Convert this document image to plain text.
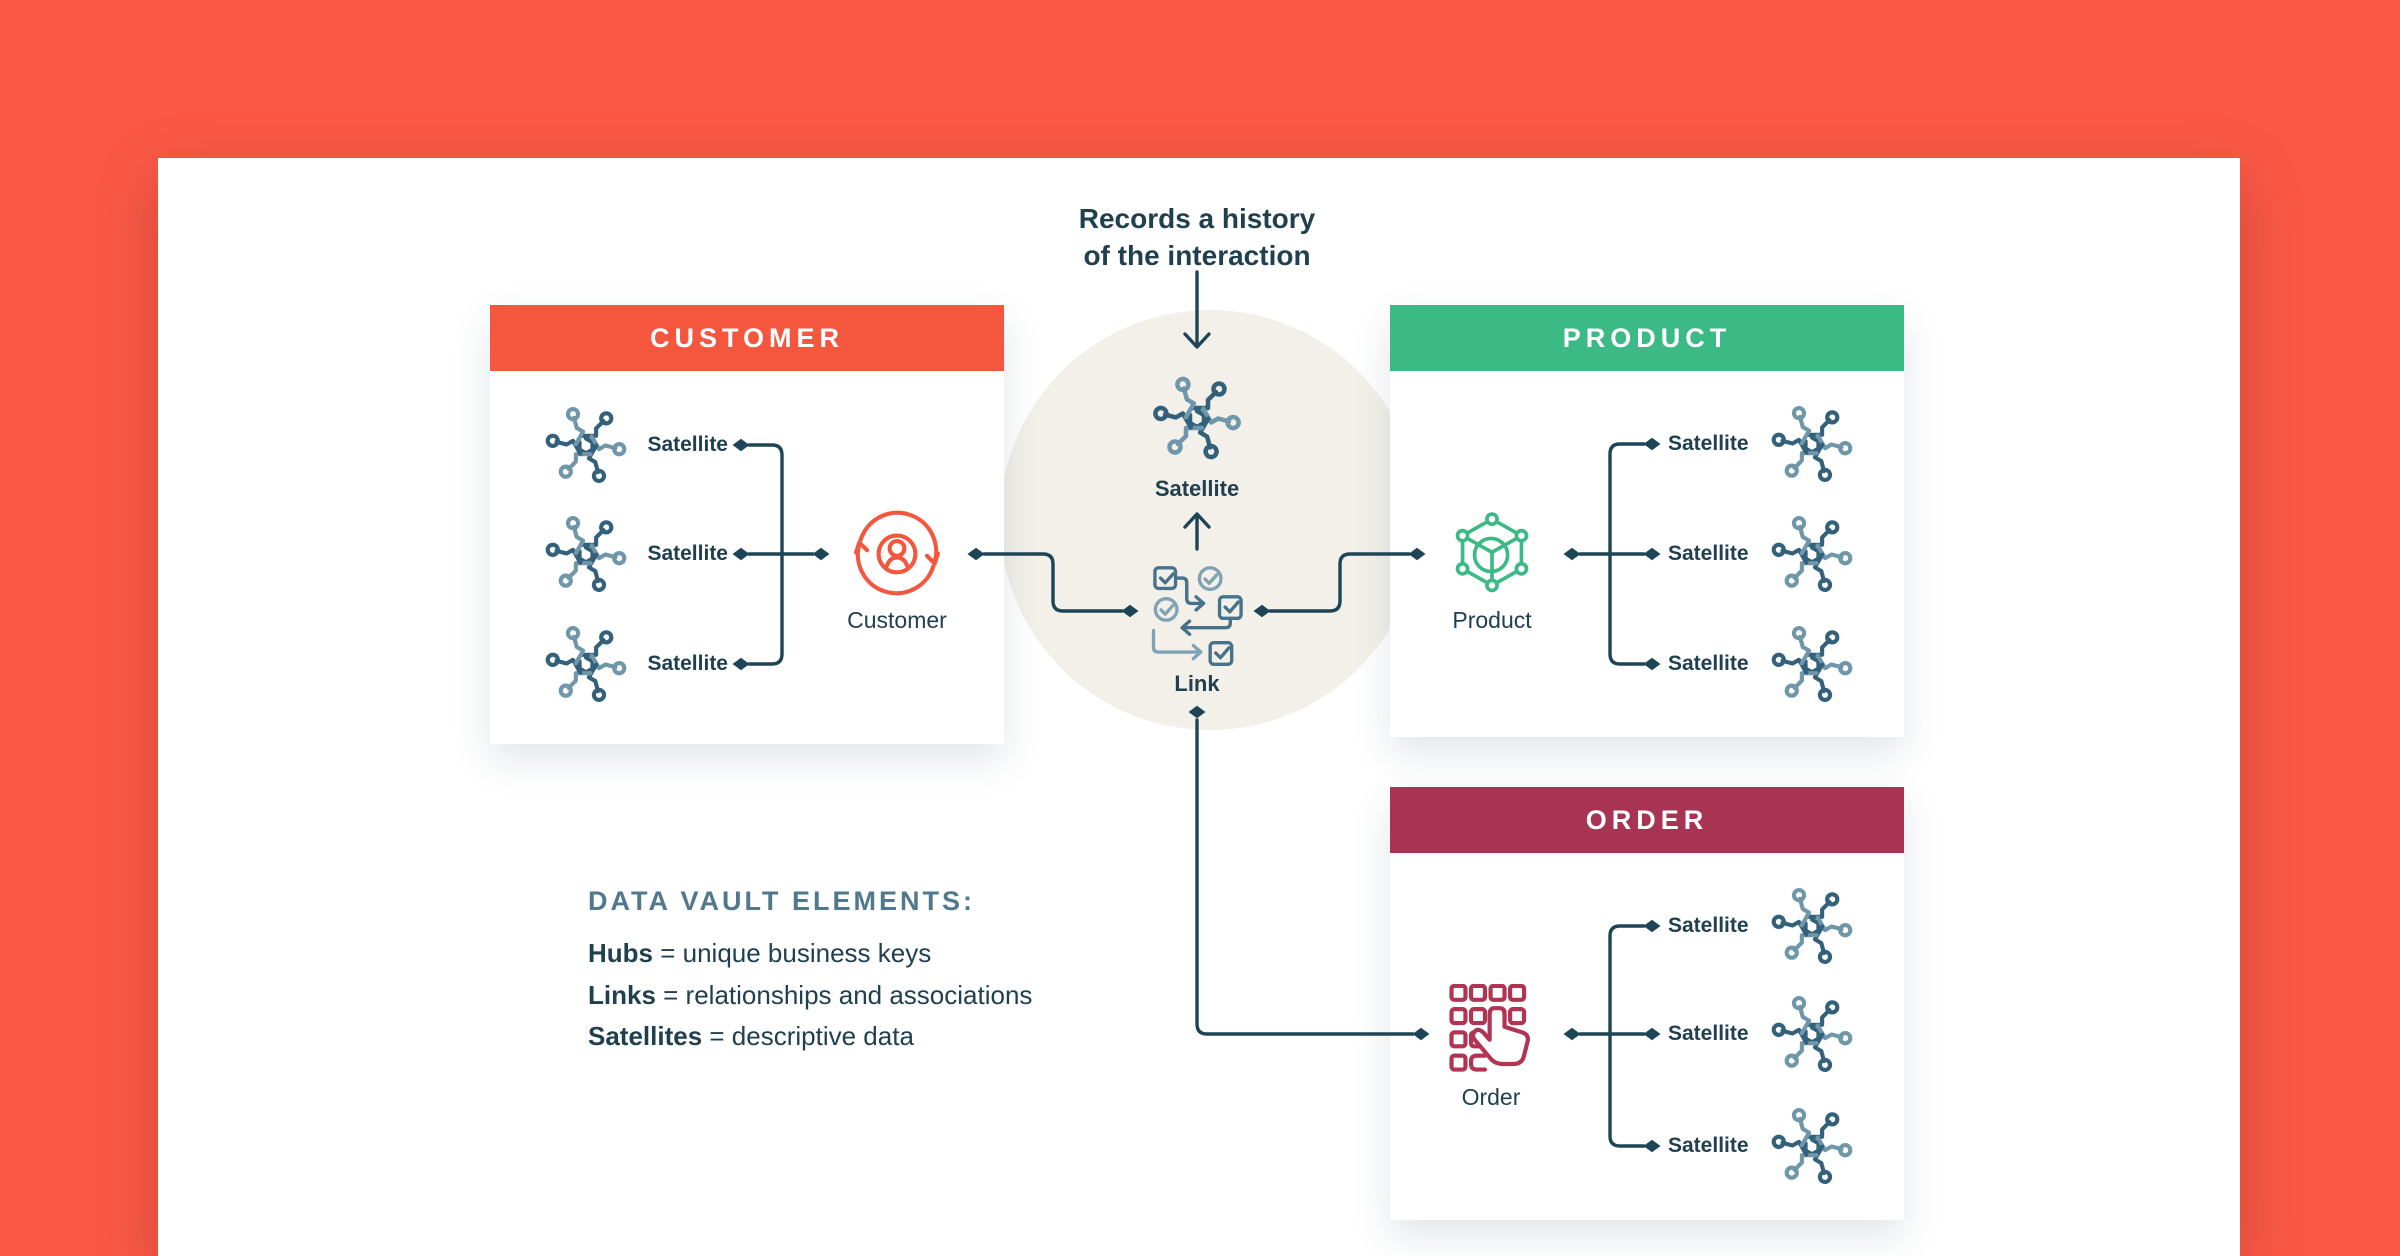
CUSTOMER	PRODUCT
ORDER
Records a history
of the interaction
Satellite
Satellite
Satellite
Satellite
Satellite
Satellite
Satellite
Satellite
Satellite
Customer	Product
Order
Satellite
Link
DATA VAULT ELEMENTS:
Hubs = unique business keys
Links = relationships and associations
Satellites = descriptive data
